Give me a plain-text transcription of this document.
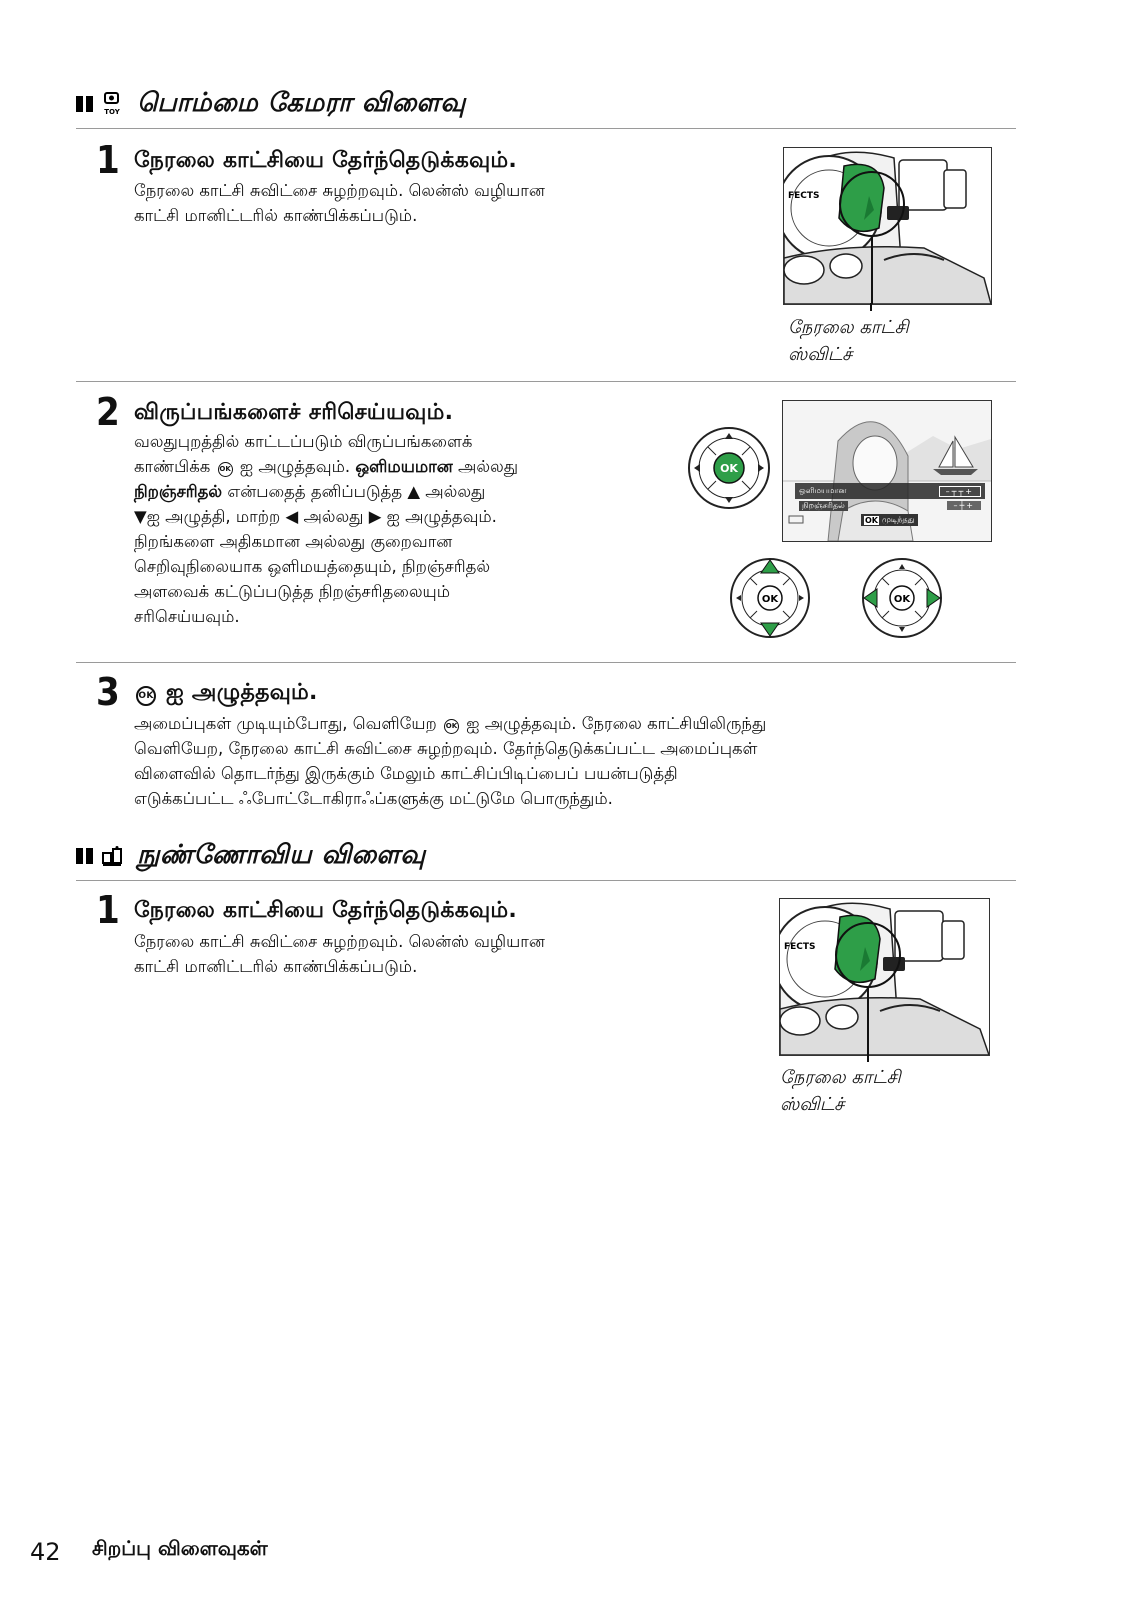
TOY பொம்மை கேமரா விளைவு
1 நேரலை காட்சியை தேர்ந்தெடுக்கவும்.

நேரலை காட்சி சுவிட்சை சுழற்றவும். லென்ஸ் வழியான

காட்சி மானிட்டரில் காண்பிக்கப்படும்.

FECTS
நேரலை காட்சி
ஸ்விட்ச்
2 விருப்பங்களைச் சரிசெய்யவும்.

வலதுபுறத்தில் காட்டப்படும் விருப்பங்களைக்

காண்பிக்க OK ஐ அழுத்தவும். ஒளிமயமான அல்லது

நிறஞ்சரிதல் என்பதைத் தனிப்படுத்த ▲ அல்லது

▼ஐ அழுத்தி, மாற்ற ◀ அல்லது ▶ ஐ அழுத்தவும்.

நிறங்களை அதிகமான அல்லது குறைவான

செறிவுநிலையாக ஒளிமயத்தையும், நிறஞ்சரிதல்

அளவைக் கட்டுப்படுத்த நிறஞ்சரிதலையும்

சரிசெய்யவும்.

OK
ஒளிமயமான	–┬┬+
நிறஞ்சரிதல்	–┼+
OK முடிந்தது
OK	OK
3	OK ஐ அழுத்தவும்.

அமைப்புகள் முடியும்போது, வெளியேற OK ஐ அழுத்தவும். நேரலை காட்சியிலிருந்து

வெளியேற, நேரலை காட்சி சுவிட்சை சுழற்றவும். தேர்ந்தெடுக்கப்பட்ட அமைப்புகள்

விளைவில் தொடர்ந்து இருக்கும் மேலும் காட்சிப்பிடிப்பைப் பயன்படுத்தி

எடுக்கப்பட்ட ஃபோட்டோகிராஃப்களுக்கு மட்டுமே பொருந்தும்.

நுண்ணோவிய விளைவு
1 நேரலை காட்சியை தேர்ந்தெடுக்கவும்.

நேரலை காட்சி சுவிட்சை சுழற்றவும். லென்ஸ் வழியான

காட்சி மானிட்டரில் காண்பிக்கப்படும்.

FECTS
நேரலை காட்சி
ஸ்விட்ச்
42 சிறப்பு விளைவுகள்
